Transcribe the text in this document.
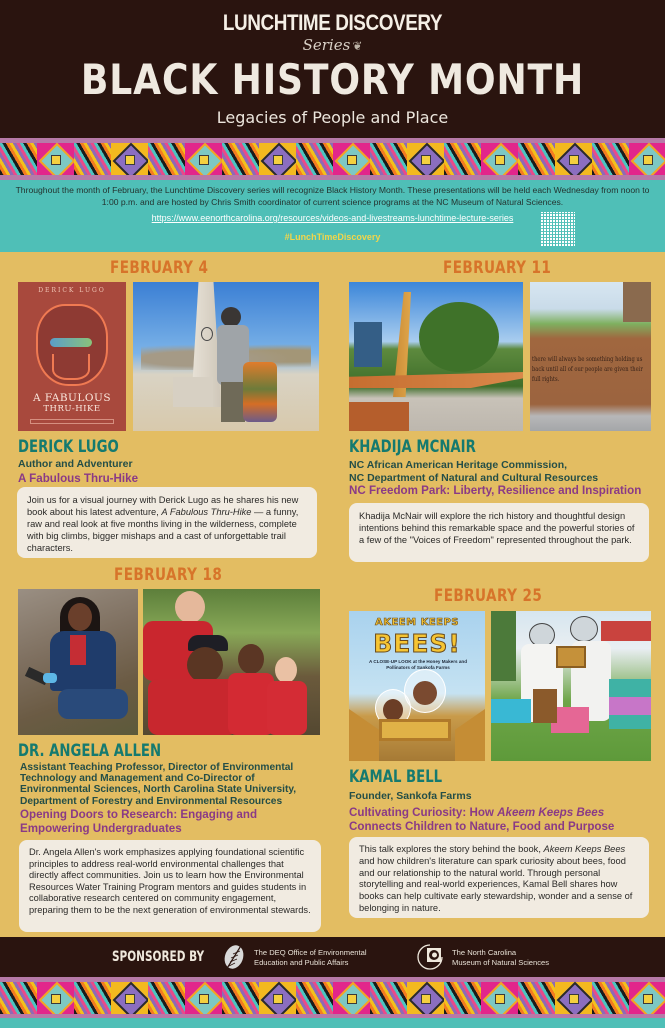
LUNCHTIME DISCOVERY
Series ❦
BLACK HISTORY MONTH
Legacies of People and Place

Throughout the month of February, the Lunchtime Discovery series will recognize Black History Month. These presentations will be held each Wednesday from noon to 1:00 p.m. and are hosted by Chris Smith coordinator of current science programs at the NC Museum of Natural Sciences.

https://www.eenorthcarolina.org/resources/videos-and-livestreams-lunchtime-lecture-series
#LunchTimeDiscovery
FEBRUARY 4
DERICK LUGO
A FABULOUS
THRU-HIKE
DERICK LUGO
Author and Adventurer
A Fabulous Thru-Hike
Join us for a visual journey with Derick Lugo as he shares his new book about his latest adventure, A Fabulous Thru-Hike — a funny, raw and real look at five months living in the wilderness, complete with big climbs, bigger mishaps and a cast of unforgettable trail characters.
FEBRUARY 11
there will always be something holding us back until all of our people are given their full rights.
KHADIJA MCNAIR
NC African American Heritage Commission,
NC Department of Natural and Cultural Resources
NC Freedom Park: Liberty, Resilience and Inspiration
Khadija McNair will explore the rich history and thoughtful design intentions behind this remarkable space and the powerful stories of a few of the "Voices of Freedom" represented throughout the park.
FEBRUARY 18
DR. ANGELA ALLEN
Assistant Teaching Professor, Director of Environmental Technology and Management and Co-Director of Environmental Sciences, North Carolina State University, Department of Forestry and Environmental Resources
Opening Doors to Research: Engaging and Empowering Undergraduates
Dr. Angela Allen's work emphasizes applying foundational scientific principles to address real-world environmental challenges that directly affect communities. Join us to learn how the Environmental Resources Water Training Program mentors and guides students in collaborative research centered on community engagement, preparing them to be the next generation of environmental stewards.
FEBRUARY 25
AKEEM KEEPS
BEES!
A CLOSE-UP LOOK at the Honey Makers and Pollinators of Sankofa Farms
KAMAL BELL
Founder, Sankofa Farms
Cultivating Curiosity: How Akeem Keeps Bees Connects Children to Nature, Food and Purpose
This talk explores the story behind the book, Akeem Keeps Bees and how children's literature can spark curiosity about bees, food and our relationship to the natural world. Through personal storytelling and real-world experiences, Kamal Bell shares how books can help cultivate early stewardship, wonder and a sense of belonging in nature.
SPONSORED BY	The DEQ Office of Environmental
Education and Public Affairs
The North Carolina
Museum of Natural Sciences
